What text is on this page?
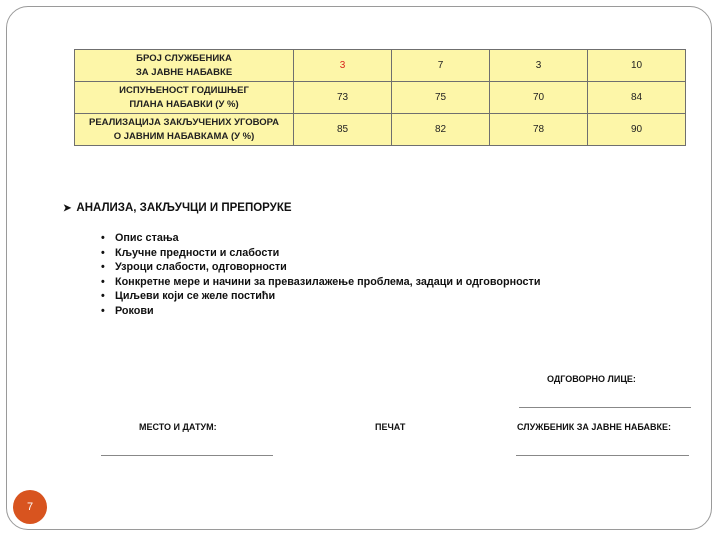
БРОЈ СЛУЖБЕНИКА
ЗА ЈАВНЕ НАБАВКЕ	3	7	3	10
ИСПУЊЕНОСТ ГОДИШЊЕГ
ПЛАНА НАБАВКИ (У %)	73	75	70	84
РЕАЛИЗАЦИЈА ЗАКЉУЧЕНИХ УГОВОРА
О ЈАВНИМ НАБАВКАМА (У %)	85	82	78	90
➤ АНАЛИЗА, ЗАКЉУЧЦИ И ПРЕПОРУКЕ
• Опис стања
• Кључне предности и слабости
• Узроци слабости, одговорности
• Конкретне мере и начини за превазилажење проблема, задаци и одговорности
• Циљеви који се желе постићи
• Рокови
ОДГОВОРНО ЛИЦЕ:
МЕСТО И ДАТУМ:	ПЕЧАТ	СЛУЖБЕНИК ЗА ЈАВНЕ НАБАВКЕ:
7
